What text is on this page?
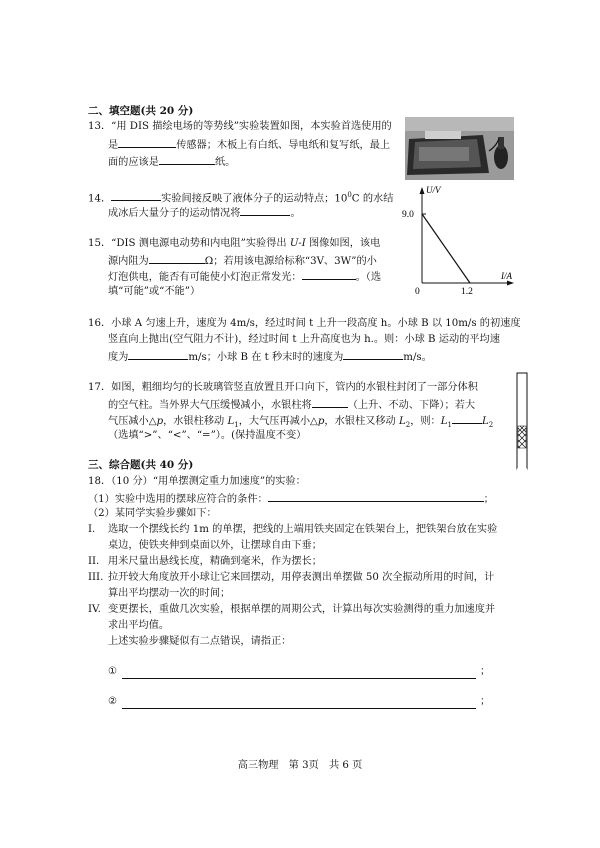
二、填空题(共 20 分)
13．“用 DIS 描绘电场的等势线”实验装置如图，本实验首选使用的
是	传感器；木板上有白纸、导电纸和复写纸，最上
面的应该是	纸。
14．	实验间接反映了液体分子的运动特点；$10^0C$ 的水结
成冰后大量分子的运动情况将	。
U/V
9.0
0	1.2
I/A
15．“DIS 测电源电动势和内电阻”实验得出 U-I 图像如图，该电
源内阻为	Ω；若用该电源给标称“3V、3W”的小
灯泡供电，能否有可能使小灯泡正常发光：	。（选
填“可能”或“不能”）
16．小球 A 匀速上升，速度为 4m/s，经过时间 t 上升一段高度 h。小球 B 以 10m/s 的初速度
竖直向上抛出(空气阻力不计)，经过时间 t 上升高度也为 h.。则：小球 B 运动的平均速
度为	m/s；小球 B 在 t 秒末时的速度为	m/s。
17．如图，粗细均匀的长玻璃管竖直放置且开口向下，管内的水银柱封闭了一部分体积
的空气柱。当外界大气压缓慢减小，水银柱将	（上升、不动、下降）；若大
气压减小△p，水银柱移动 $L_1$，大气压再减小△p，水银柱又移动 $L_2$，则：$L_1$	$L_2$
（选填“>”、“<”、“=”）。(保持温度不变）
三、综合题(共 40 分)
18．（10 分）“用单摆测定重力加速度”的实验：
（1）实验中选用的摆球应符合的条件：	；
（2）某同学实验步骤如下：
I. 选取一个摆线长约 1m 的单摆，把线的上端用铁夹固定在铁架台上，把铁架台放在实验
桌边，使铁夹伸到桌面以外，让摆球自由下垂；
II. 用米尺量出悬线长度，精确到毫米，作为摆长；
III. 拉开较大角度放开小球让它来回摆动，用停表测出单摆做 50 次全振动所用的时间，计
算出平均摆动一次的时间；
IV. 变更摆长，重做几次实验，根据单摆的周期公式，计算出每次实验测得的重力加速度并
求出平均值。
上述实验步骤疑似有二点错误，请指正：
①	；
②	；
高三物理　第 3页　共 6 页
